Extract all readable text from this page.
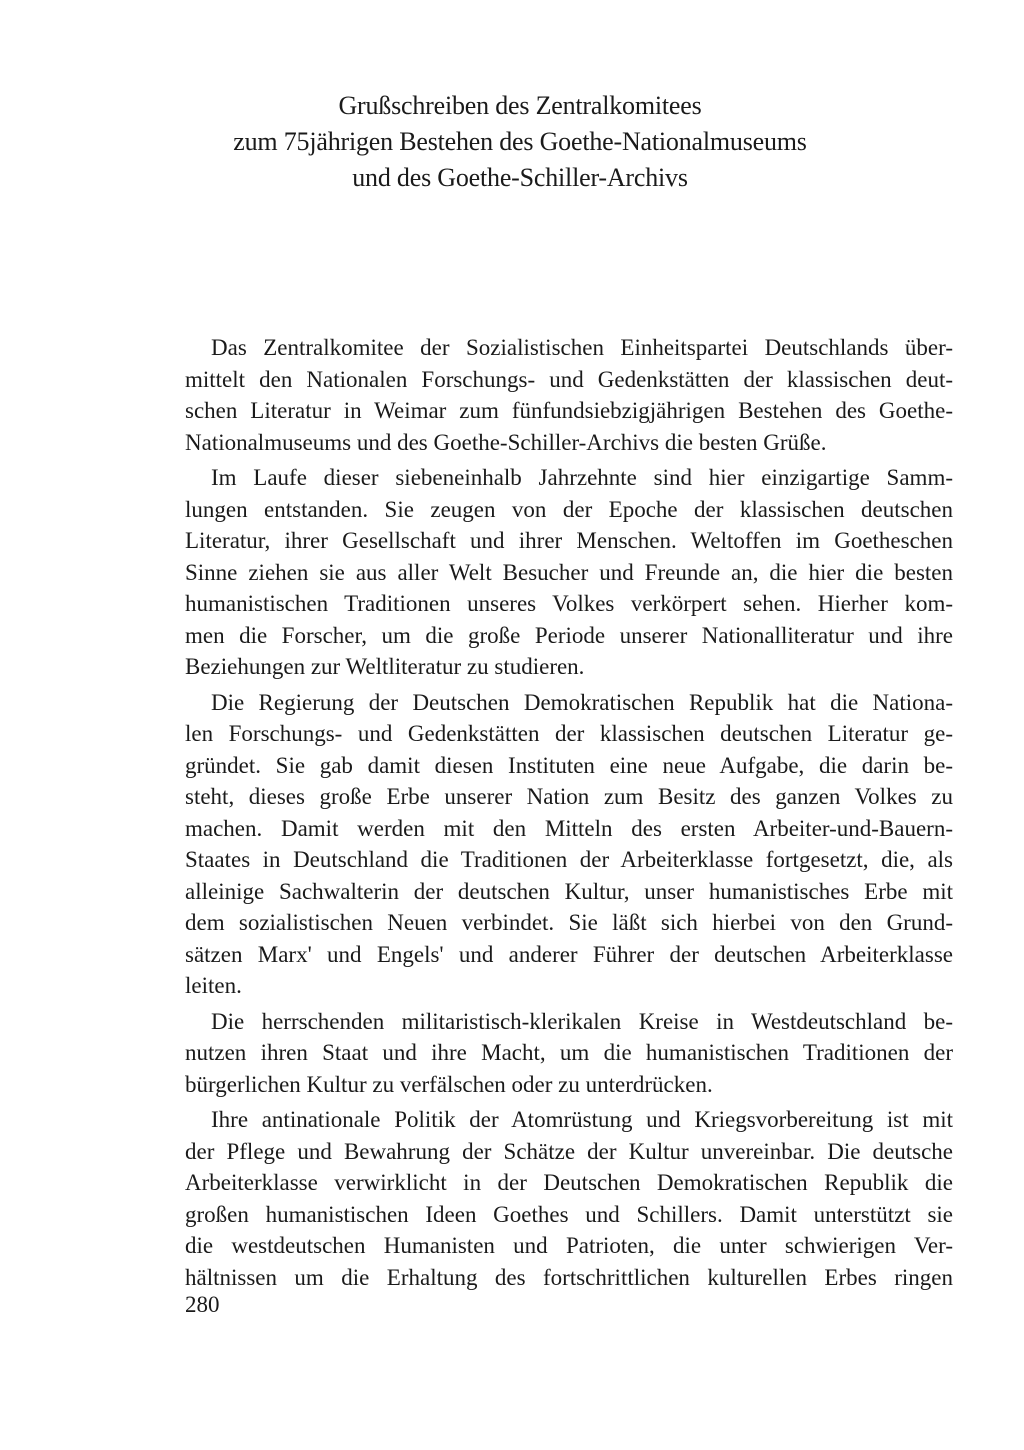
Grußschreiben des Zentralkomitees
zum 75jährigen Bestehen des Goethe-Nationalmuseums
und des Goethe-Schiller-Archivs

Das Zentralkomitee der Sozialistischen Einheitspartei Deutschlands über-
mittelt den Nationalen Forschungs- und Gedenkstätten der klassischen deut-
schen Literatur in Weimar zum fünfundsiebzigjährigen Bestehen des Goethe-
Nationalmuseums und des Goethe-Schiller-Archivs die besten Grüße.

Im Laufe dieser siebeneinhalb Jahrzehnte sind hier einzigartige Samm-
lungen entstanden. Sie zeugen von der Epoche der klassischen deutschen
Literatur, ihrer Gesellschaft und ihrer Menschen. Weltoffen im Goetheschen
Sinne ziehen sie aus aller Welt Besucher und Freunde an, die hier die besten
humanistischen Traditionen unseres Volkes verkörpert sehen. Hierher kom-
men die Forscher, um die große Periode unserer Nationalliteratur und ihre
Beziehungen zur Weltliteratur zu studieren.

Die Regierung der Deutschen Demokratischen Republik hat die Nationa-
len Forschungs- und Gedenkstätten der klassischen deutschen Literatur ge-
gründet. Sie gab damit diesen Instituten eine neue Aufgabe, die darin be-
steht, dieses große Erbe unserer Nation zum Besitz des ganzen Volkes zu
machen. Damit werden mit den Mitteln des ersten Arbeiter-und-Bauern-
Staates in Deutschland die Traditionen der Arbeiterklasse fortgesetzt, die, als
alleinige Sachwalterin der deutschen Kultur, unser humanistisches Erbe mit
dem sozialistischen Neuen verbindet. Sie läßt sich hierbei von den Grund-
sätzen Marx' und Engels' und anderer Führer der deutschen Arbeiterklasse
leiten.

Die herrschenden militaristisch-klerikalen Kreise in Westdeutschland be-
nutzen ihren Staat und ihre Macht, um die humanistischen Traditionen der
bürgerlichen Kultur zu verfälschen oder zu unterdrücken.

Ihre antinationale Politik der Atomrüstung und Kriegsvorbereitung ist mit
der Pflege und Bewahrung der Schätze der Kultur unvereinbar. Die deutsche
Arbeiterklasse verwirklicht in der Deutschen Demokratischen Republik die
großen humanistischen Ideen Goethes und Schillers. Damit unterstützt sie
die westdeutschen Humanisten und Patrioten, die unter schwierigen Ver-
hältnissen um die Erhaltung des fortschrittlichen kulturellen Erbes ringen

280
